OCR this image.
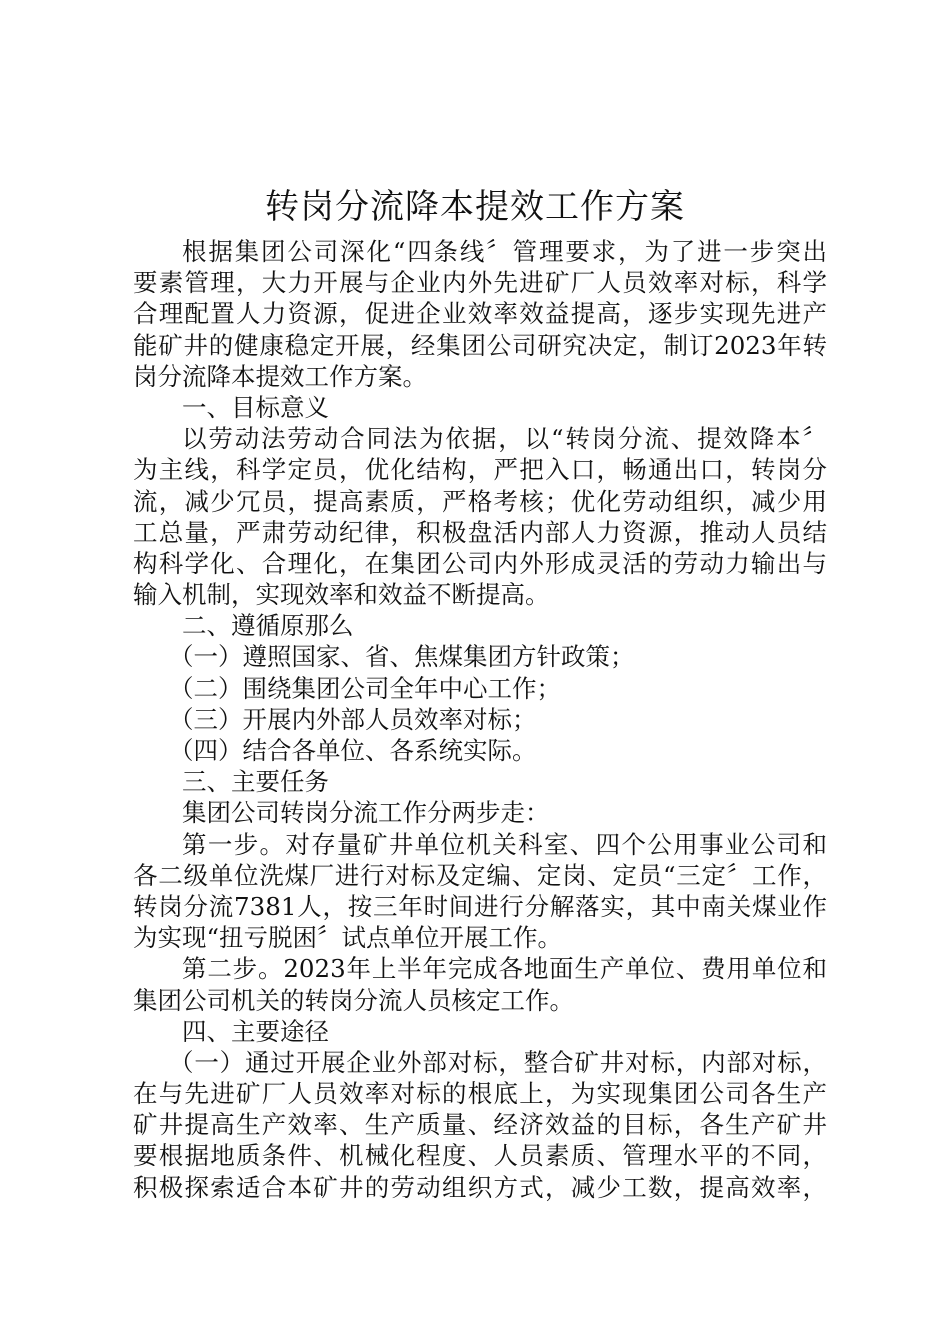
转岗分流降本提效工作方案
根据集团公司深化“四条线〞管理要求，为了进一步突出
要素管理，大力开展与企业内外先进矿厂人员效率对标，科学
合理配置人力资源，促进企业效率效益提高，逐步实现先进产
能矿井的健康稳定开展，经集团公司研究决定，制订2023年转
岗分流降本提效工作方案。
一、目标意义
以劳动法劳动合同法为依据，以“转岗分流、提效降本〞
为主线，科学定员，优化结构，严把入口，畅通出口，转岗分
流，减少冗员，提高素质，严格考核；优化劳动组织，减少用
工总量，严肃劳动纪律，积极盘活内部人力资源，推动人员结
构科学化、合理化，在集团公司内外形成灵活的劳动力输出与
输入机制，实现效率和效益不断提高。
二、遵循原那么
（一）遵照国家、省、焦煤集团方针政策；
（二）围绕集团公司全年中心工作；
（三）开展内外部人员效率对标；
（四）结合各单位、各系统实际。
三、主要任务
集团公司转岗分流工作分两步走：
第一步。对存量矿井单位机关科室、四个公用事业公司和
各二级单位洗煤厂进行对标及定编、定岗、定员“三定〞工作，
转岗分流7381人，按三年时间进行分解落实，其中南关煤业作
为实现“扭亏脱困〞试点单位开展工作。
第二步。2023年上半年完成各地面生产单位、费用单位和
集团公司机关的转岗分流人员核定工作。
四、主要途径
（一）通过开展企业外部对标，整合矿井对标，内部对标，
在与先进矿厂人员效率对标的根底上，为实现集团公司各生产
矿井提高生产效率、生产质量、经济效益的目标，各生产矿井
要根据地质条件、机械化程度、人员素质、管理水平的不同，
积极探索适合本矿井的劳动组织方式，减少工数，提高效率，
